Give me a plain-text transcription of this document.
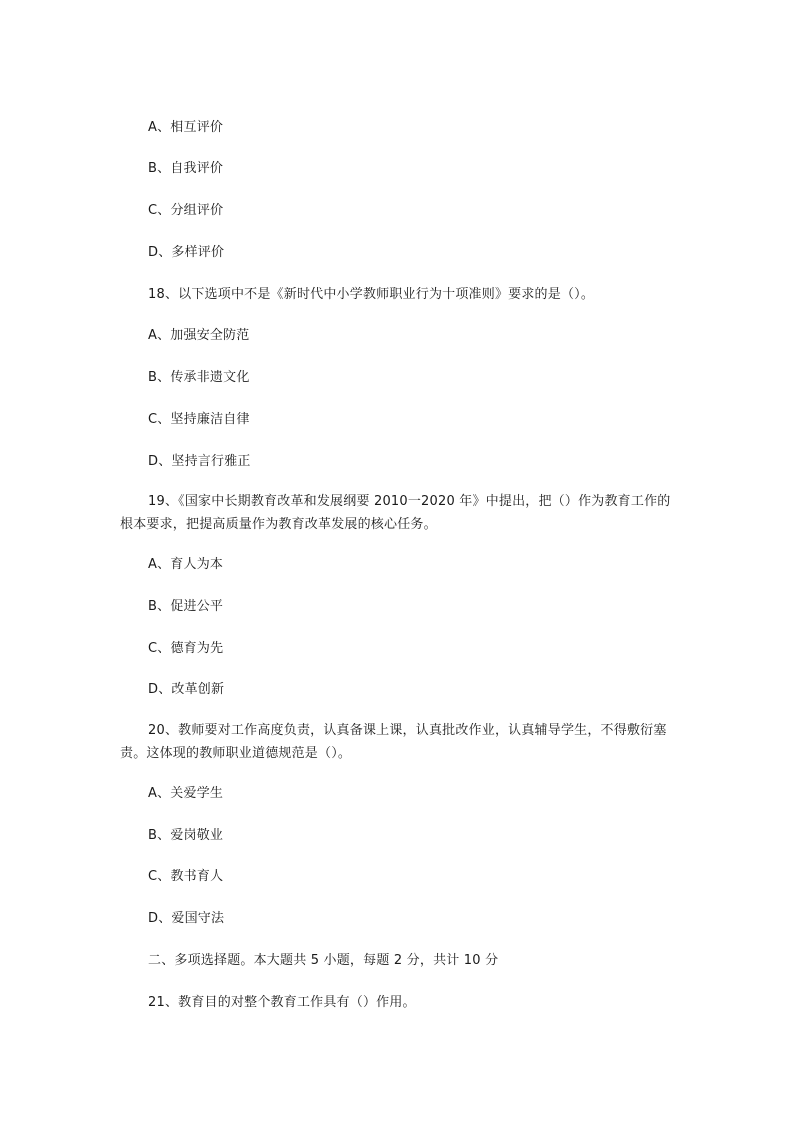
A、相互评价
B、自我评价
C、分组评价
D、多样评价
18、以下选项中不是《新时代中小学教师职业行为十项准则》要求的是（）。
A、加强安全防范
B、传承非遗文化
C、坚持廉洁自律
D、坚持言行雅正
19、《国家中长期教育改革和发展纲要 2010一2020 年》中提出，把（）作为教育工作的根本要求，把提高质量作为教育改革发展的核心任务。
A、育人为本
B、促进公平
C、德育为先
D、改革创新
20、教师要对工作高度负责，认真备课上课，认真批改作业，认真辅导学生，不得敷衍塞责。这体现的教师职业道德规范是（）。
A、关爱学生
B、爱岗敬业
C、教书育人
D、爱国守法
二、多项选择题。本大题共 5 小题，每题 2 分，共计 10 分
21、教育目的对整个教育工作具有（）作用。
